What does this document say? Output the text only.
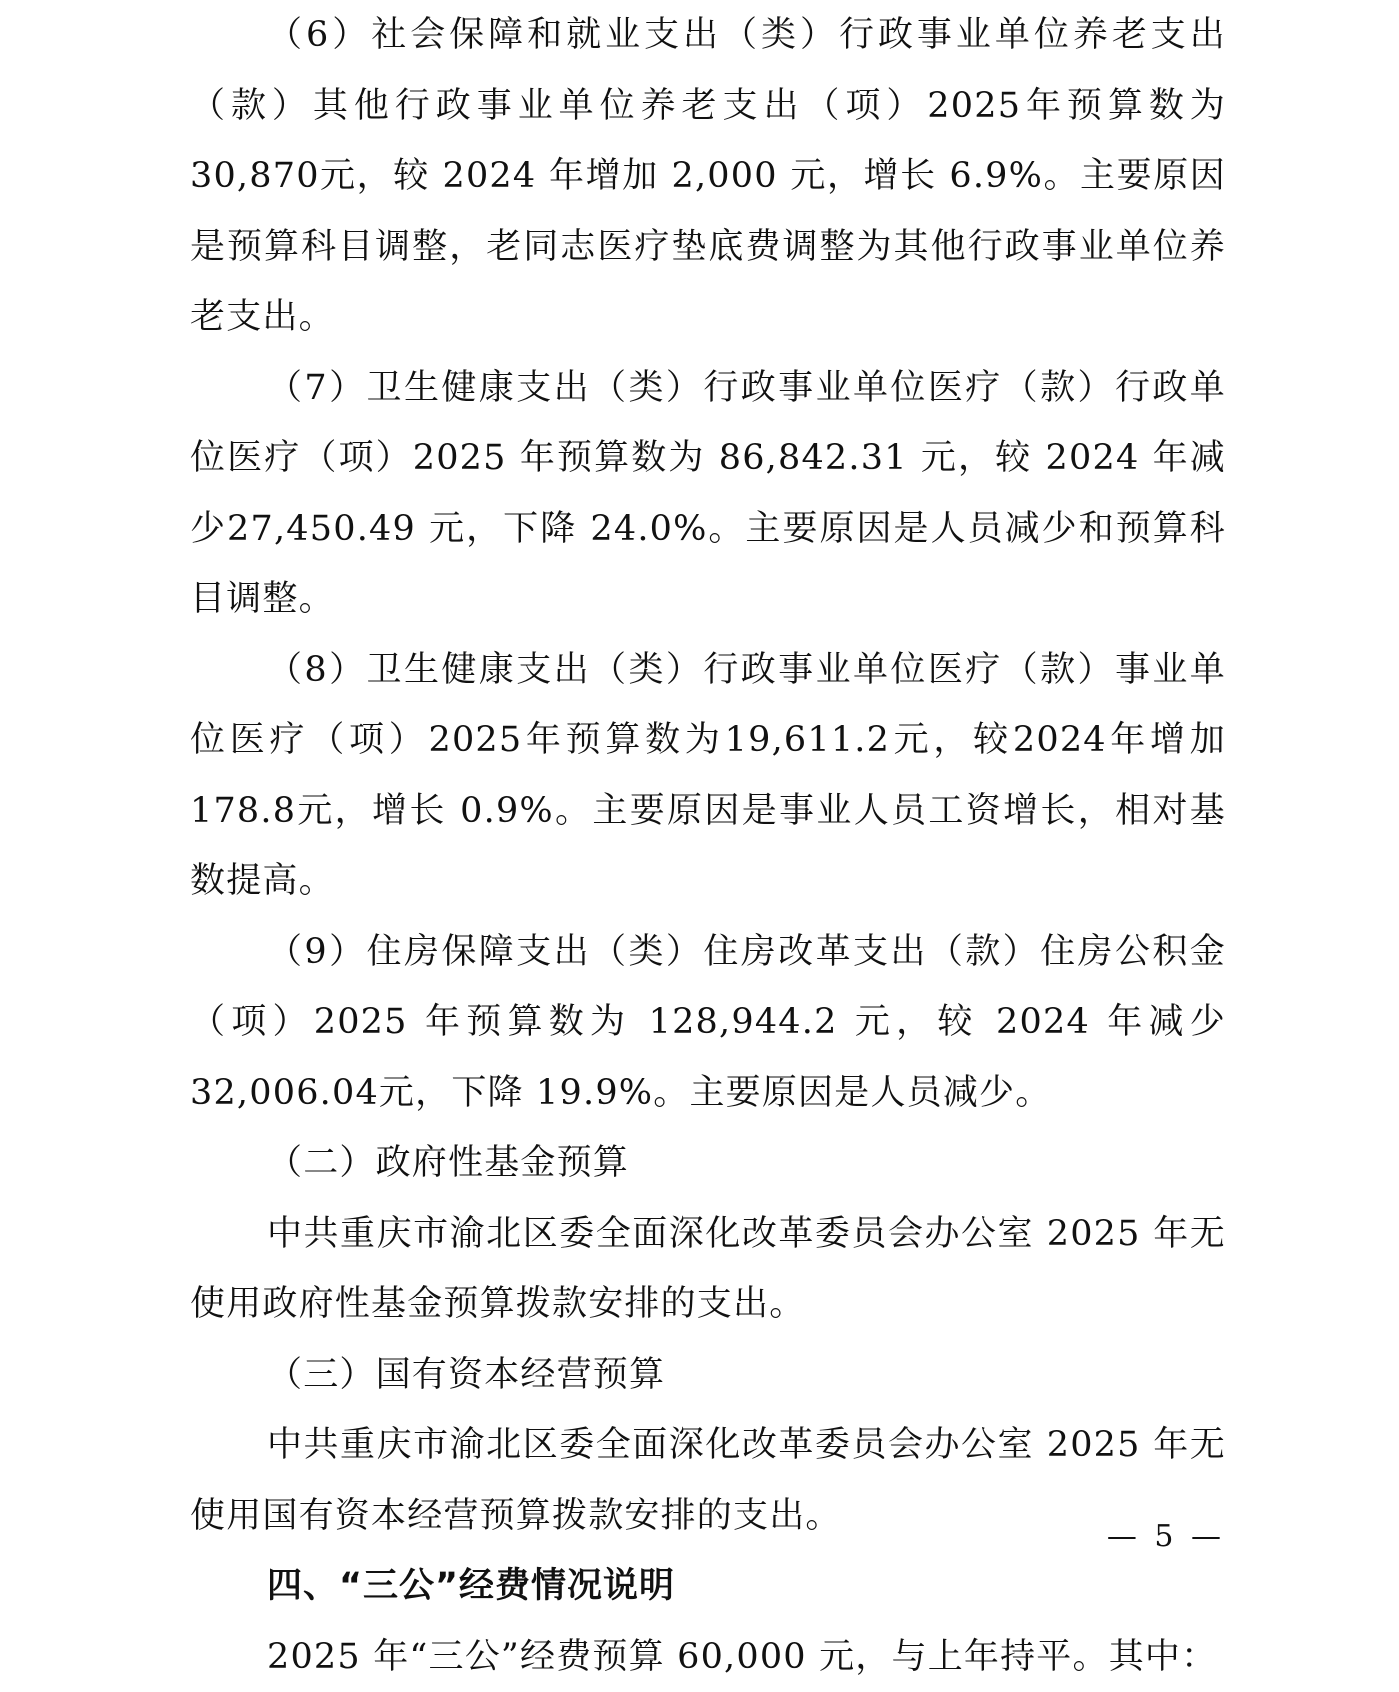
（6）社会保障和就业支出（类）行政事业单位养老支出（款）其他行政事业单位养老支出（项）2025年预算数为30,870元，较 2024 年增加 2,000 元，增长 6.9%。主要原因是预算科目调整，老同志医疗垫底费调整为其他行政事业单位养老支出。

（7）卫生健康支出（类）行政事业单位医疗（款）行政单位医疗（项）2025 年预算数为 86,842.31 元，较 2024 年减少27,450.49 元，下降 24.0%。主要原因是人员减少和预算科目调整。

（8）卫生健康支出（类）行政事业单位医疗（款）事业单位医疗（项）2025年预算数为19,611.2元，较2024年增加178.8元，增长 0.9%。主要原因是事业人员工资增长，相对基数提高。

（9）住房保障支出（类）住房改革支出（款）住房公积金（项）2025 年预算数为 128,944.2 元，较 2024 年减少 32,006.04元，下降 19.9%。主要原因是人员减少。

（二）政府性基金预算

中共重庆市渝北区委全面深化改革委员会办公室 2025 年无使用政府性基金预算拨款安排的支出。

（三）国有资本经营预算

中共重庆市渝北区委全面深化改革委员会办公室 2025 年无使用国有资本经营预算拨款安排的支出。

四、“三公”经费情况说明

2025 年“三公”经费预算 60,000 元，与上年持平。其中：

— 5 —
